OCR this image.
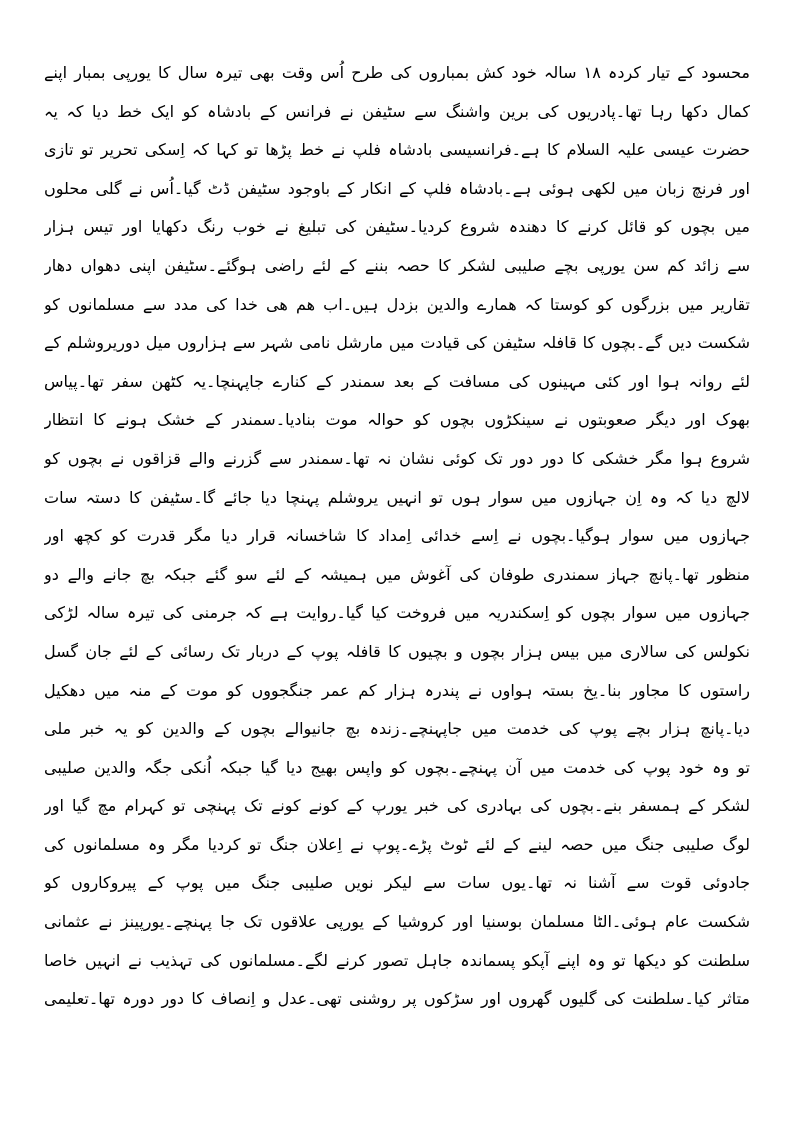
محسود کے تیار کردہ ۱۸ سالہ خود کش بمباروں کی طرح اُس وقت بھی تیرہ سال کا یورپی بمبار اپنے
کمال دکھا رہا تھا۔پادریوں کی برین واشنگ سے سٹیفن نے فرانس کے بادشاہ کو ایک خط دیا کہ یہ
حضرت عیسی علیہ السلام کا ہے۔فرانسیسی بادشاہ فلپ نے خط پڑھا تو کہا کہ اِسکی تحریر تو تازی
اور فرنچ زبان میں لکھی ہوئی ہے۔بادشاہ فلپ کے انکار کے باوجود سٹیفن ڈٹ گیا۔اُس نے گلی محلوں
میں بچوں کو قائل کرنے کا دھندہ شروع کردیا۔سٹیفن کی تبلیغ نے خوب رنگ دکھایا اور تیس ہزار
سے زائد کم سن یورپی بچے صلیبی لشکر کا حصہ بننے کے لئے راضی ہوگئے۔سٹیفن اپنی دھواں دھار
تقاریر میں بزرگوں کو کوستا کہ ھمارے والدین بزدل ہیں۔اب ھم ھی خدا کی مدد سے مسلمانوں کو
شکست دیں گے۔بچوں کا قافلہ سٹیفن کی قیادت میں مارشل نامی شہر سے ہزاروں میل دوریروشلم کے
لئے روانہ ہوا اور کئی مہینوں کی مسافت کے بعد سمندر کے کنارے جاپہنچا۔یہ کٹھن سفر تھا۔پیاس
بھوک اور دیگر صعوبتوں نے سینکڑوں بچوں کو حوالہ موت بنادیا۔سمندر کے خشک ہونے کا انتظار
شروع ہوا مگر خشکی کا دور دور تک کوئی نشان نہ تھا۔سمندر سے گزرنے والے قزاقوں نے بچوں کو
لالچ دیا کہ وہ اِن جہازوں میں سوار ہوں تو انہیں یروشلم پہنچا دیا جائے گا۔سٹیفن کا دستہ سات
جہازوں میں سوار ہوگیا۔بچوں نے اِسے خدائی اِمداد کا شاخسانہ قرار دیا مگر قدرت کو کچھ اور
منظور تھا۔پانچ جہاز سمندری طوفان کی آغوش میں ہمیشہ کے لئے سو گئے جبکہ بچ جانے والے دو
جہازوں میں سوار بچوں کو اِسکندریہ میں فروخت کیا گیا۔روایت ہے کہ جرمنی کی تیرہ سالہ لڑکی
نکولس کی سالاری میں بیس ہزار بچوں و بچیوں کا قافلہ پوپ کے دربار تک رسائی کے لئے جان گسل
راستوں کا مجاور بنا۔یخ بستہ ہواوں نے پندرہ ہزار کم عمر جنگجووں کو موت کے منہ میں دھکیل
دیا۔پانچ ہزار بچے پوپ کی خدمت میں جاپہنچے۔زندہ بچ جانیوالے بچوں کے والدین کو یہ خبر ملی
تو وہ خود پوپ کی خدمت میں آن پہنچے۔بچوں کو واپس بھیج دیا گیا جبکہ اُنکی جگہ والدین صلیبی
لشکر کے ہمسفر بنے۔بچوں کی بہادری کی خبر یورپ کے کونے کونے تک پہنچی تو کہرام مچ گیا اور
لوگ صلیبی جنگ میں حصہ لینے کے لئے ٹوٹ پڑے۔پوپ نے اِعلان جنگ تو کردیا مگر وہ مسلمانوں کی
جادوئی قوت سے آشنا نہ تھا۔یوں سات سے لیکر نویں صلیبی جنگ میں پوپ کے پیروکاروں کو
شکست عام ہوئی۔الٹا مسلمان بوسنیا اور کروشیا کے یورپی علاقوں تک جا پہنچے۔یورپینز نے عثمانی
سلطنت کو دیکھا تو وہ اپنے آپکو پسماندہ جاہل تصور کرنے لگے۔مسلمانوں کی تہذیب نے انہیں خاصا
متاثر کیا۔سلطنت کی گلیوں گھروں اور سڑکوں پر روشنی تھی۔عدل و اِنصاف کا دور دورہ تھا۔تعلیمی
